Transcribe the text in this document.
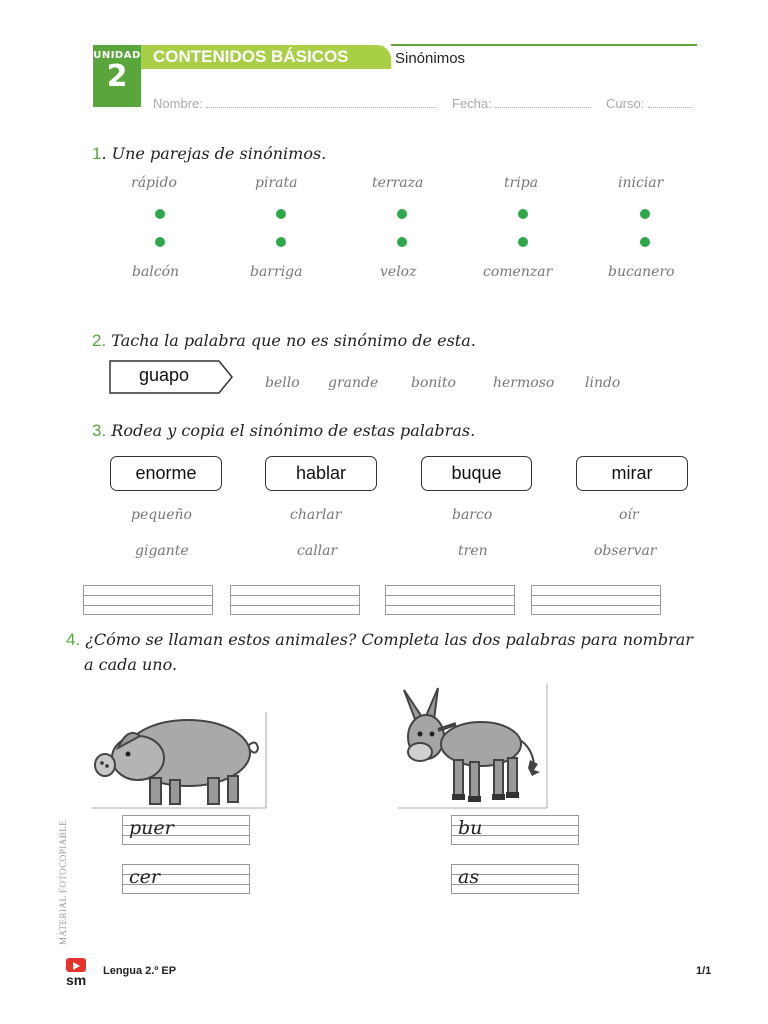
UNIDAD
2
CONTENIDOS BÁSICOS	Sinónimos
Nombre:	Fecha:	Curso:
1. Une parejas de sinónimos.
rápido	pirata	terraza	tripa	iniciar
balcón	barriga	veloz	comenzar	bucanero
2. Tacha la palabra que no es sinónimo de esta.
guapo	bello grande bonito	hermoso lindo
3. Rodea y copia el sinónimo de estas palabras.
enorme	hablar	buque	mirar
pequeño	charlar	barco	oír
gigante	callar	tren	observar
4. ¿Cómo se llaman estos animales? Completa las dos palabras para nombrar
a cada uno.
puer
cer
bu
as
MATERIAL FOTOCOPIABLE
sm
Lengua 2.º EP	1/1
